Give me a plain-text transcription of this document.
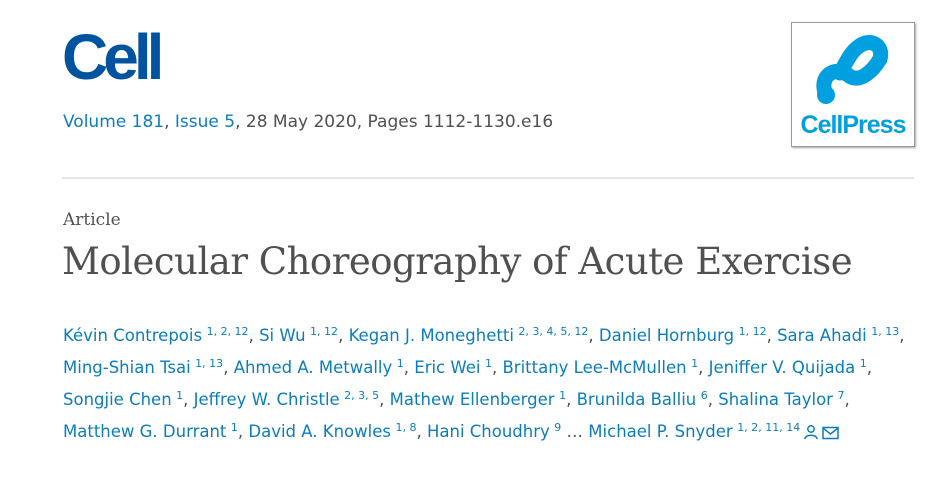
Cell
Volume 181, Issue 5, 28 May 2020, Pages 1112-1130.e16	CellPress
Article
Molecular Choreography of Acute Exercise
Kévin Contrepois $^{1, 2, 12}$, Si Wu $^{1, 12}$, Kegan J. Moneghetti $^{2, 3, 4, 5, 12}$, Daniel Hornburg $^{1, 12}$, Sara Ahadi $^{1, 13}$, Ming-Shian Tsai $^{1, 13}$, Ahmed A. Metwally $^1$, Eric Wei $^1$, Brittany Lee-McMullen $^1$, Jeniffer V. Quijada $^1$, Songjie Chen $^1$, Jeffrey W. Christle $^{2, 3, 5}$, Mathew Ellenberger $^1$, Brunilda Balliu $^6$, Shalina Taylor $^7$, Matthew G. Durrant $^1$, David A. Knowles $^{1, 8}$, Hani Choudhry $^9$ … Michael P. Snyder $^{1, 2, 11, 14}$
